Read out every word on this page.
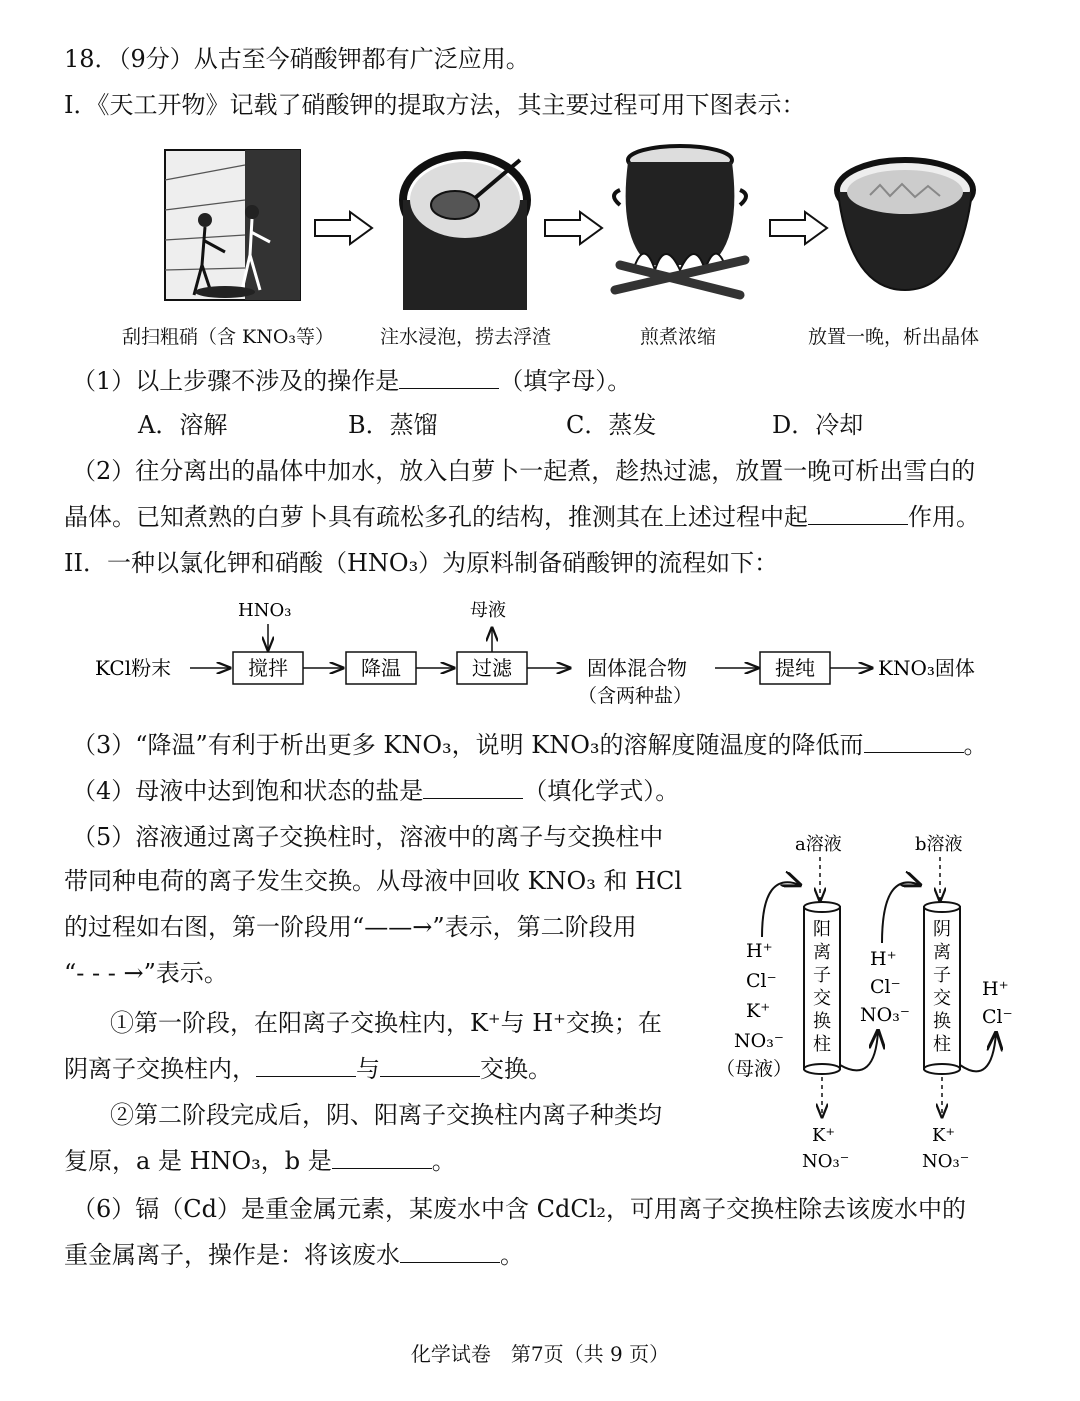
18．（9分）从古至今硝酸钾都有广泛应用。
I．《天工开物》记载了硝酸钾的提取方法，其主要过程可用下图表示：
刮扫粗硝（含 KNO₃等） 注水浸泡，捞去浮渣	煎煮浓缩	放置一晚，析出晶体
（1）以上步骤不涉及的操作是	（填字母）。
A．溶解	B．蒸馏	C．蒸发	D．冷却
（2）往分离出的晶体中加水，放入白萝卜一起煮，趁热过滤，放置一晚可析出雪白的
晶体。已知煮熟的白萝卜具有疏松多孔的结构，推测其在上述过程中起	作用。
II．一种以氯化钾和硝酸（HNO₃）为原料制备硝酸钾的流程如下：
KCl粉末
HNO₃
搅拌	降温	过滤
母液
固体混合物
（含两种盐）
提纯	KNO₃固体
（3）“降温”有利于析出更多 KNO₃，说明 KNO₃的溶解度随温度的降低而	。
（4）母液中达到饱和状态的盐是	（填化学式）。
（5）溶液通过离子交换柱时，溶液中的离子与交换柱中
带同种电荷的离子发生交换。从母液中回收 KNO₃ 和 HCl
的过程如右图，第一阶段用“——→”表示，第二阶段用
“- - - →”表示。
①第一阶段，在阳离子交换柱内，K⁺与 H⁺交换；在
阴离子交换柱内，	与	交换。
②第二阶段完成后，阴、阳离子交换柱内离子种类均
复原，a 是 HNO₃，b 是	。
a溶液	b溶液
阳
离
子
交
换
柱
阴
离
子
交
换
柱
H⁺
Cl⁻
K⁺
NO₃⁻
（母液）
H⁺
Cl⁻
NO₃⁻
H⁺
Cl⁻
K⁺
NO₃⁻
K⁺
NO₃⁻
（6）镉（Cd）是重金属元素，某废水中含 CdCl₂，可用离子交换柱除去该废水中的
重金属离子，操作是：将该废水	。
化学试卷　第7页（共 9 页）
